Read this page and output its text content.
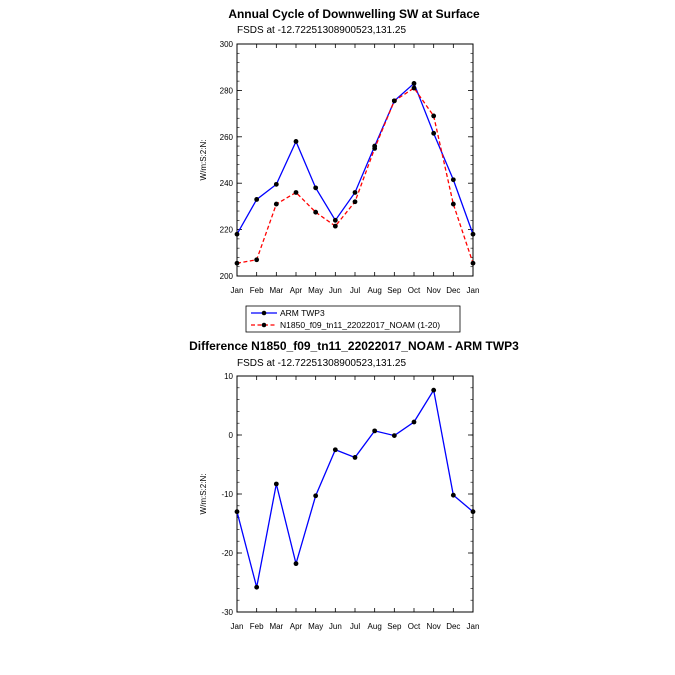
Annual Cycle of Downwelling SW at Surface
FSDS at -12.72251308900523,131.25
W/m:S:2:N:
ARM TWP3
N1850_f09_tn11_22022017_NOAM (1-20)
Difference N1850_f09_tn11_22022017_NOAM - ARM TWP3
FSDS at -12.72251308900523,131.25
W/m:S:2:N:
Jan Feb Mar Apr May Jun Jul Aug Sep Oct Nov Dec Jan
200
220
240
260
280
300
Jan Feb Mar Apr May Jun Jul Aug Sep Oct Nov Dec Jan
-30
-20
-10
0
10
